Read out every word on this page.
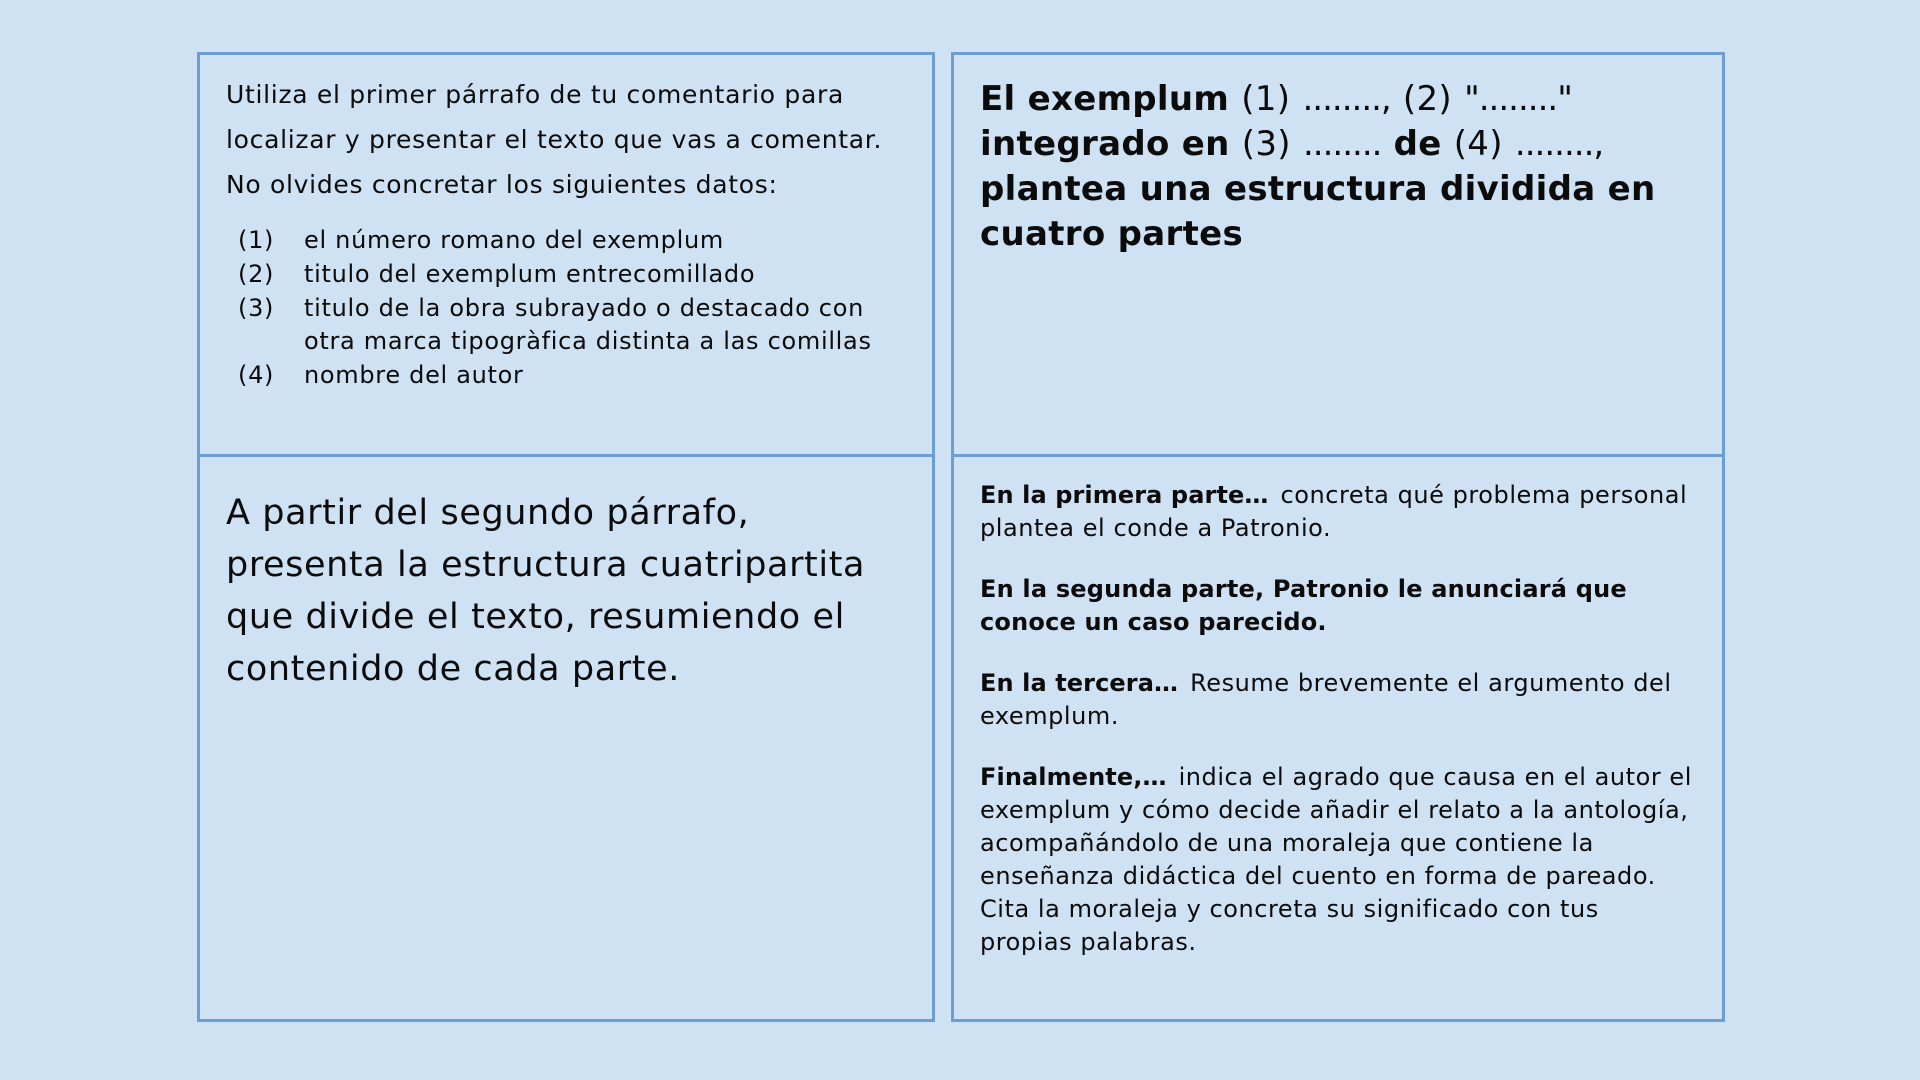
Utiliza el primer párrafo de tu comentario para

localizar y presentar el texto que vas a comentar.

No olvides concretar los siguientes datos:

(1)	el número romano del exemplum
(2)	titulo del exemplum entrecomillado
(3)	titulo de la obra subrayado o destacado con
otra marca tipogràfica distinta a las comillas
(4)	nombre del autor

El exemplum (1) ........, (2) "........" integrado en (3) ........ de (4) ........, plantea una estructura dividida en cuatro partes

A partir del segundo párrafo, presenta la estructura cuatripartita que divide el texto, resumiendo el contenido de cada parte.

En la primera parte… concreta qué problema personal plantea el conde a Patronio.

En la segunda parte, Patronio le anunciará que conoce un caso parecido.

En la tercera… Resume brevemente el argumento del exemplum.

Finalmente,… indica el agrado que causa en el autor el exemplum y cómo decide añadir el relato a la antología, acompañándolo de una moraleja que contiene la enseñanza didáctica del cuento en forma de pareado.
Cita la moraleja y concreta su significado con tus propias palabras.
